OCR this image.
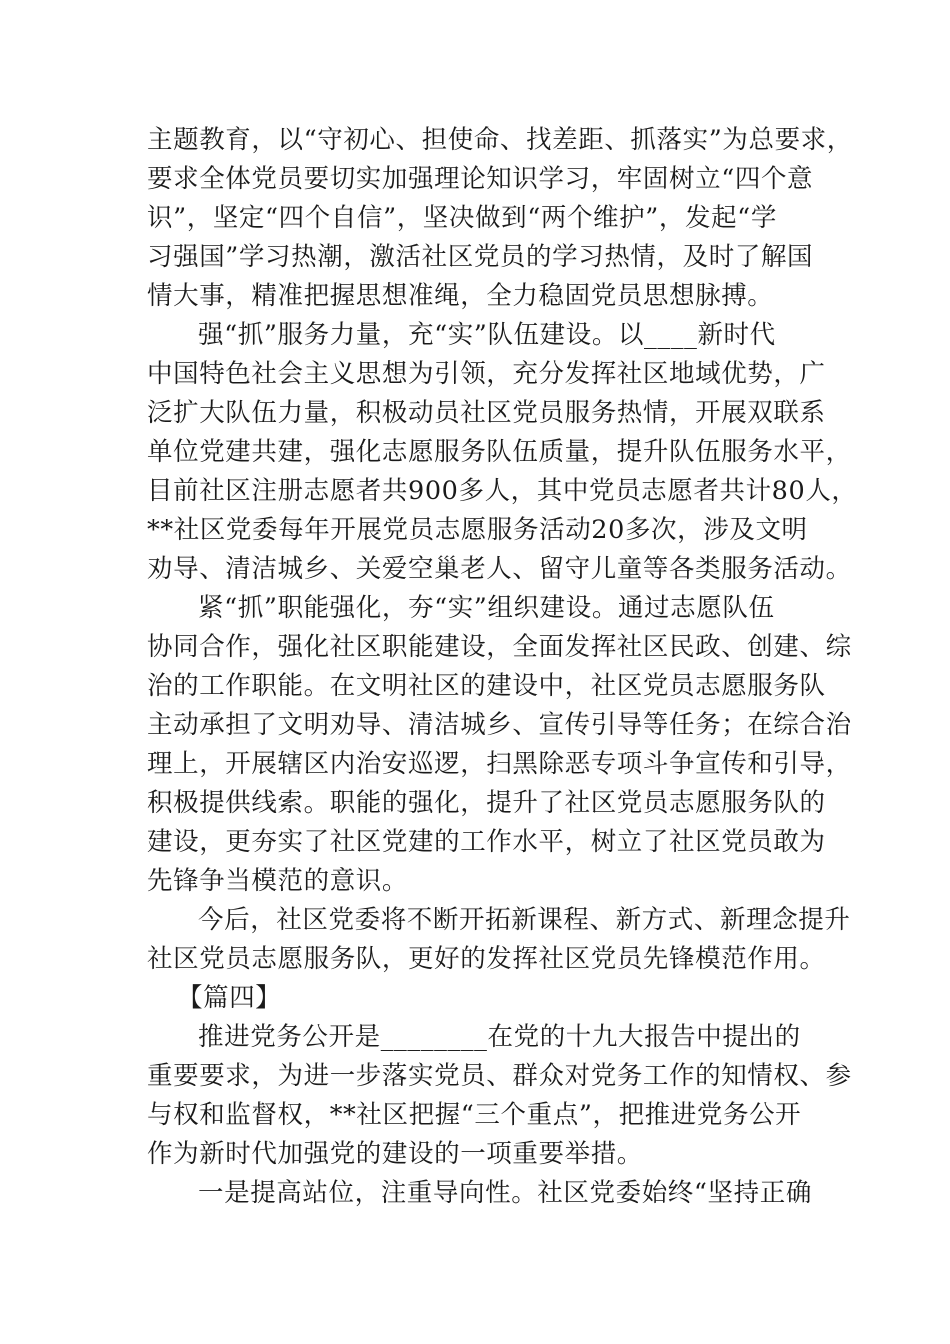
主题教育，以“守初心、担使命、找差距、抓落实”为总要求，
要求全体党员要切实加强理论知识学习，牢固树立“四个意
识”，坚定“四个自信”，坚决做到“两个维护”，发起“学
习强国”学习热潮，激活社区党员的学习热情，及时了解国
情大事，精准把握思想准绳，全力稳固党员思想脉搏。
强“抓”服务力量，充“实”队伍建设。以____新时代
中国特色社会主义思想为引领，充分发挥社区地域优势，广
泛扩大队伍力量，积极动员社区党员服务热情，开展双联系
单位党建共建，强化志愿服务队伍质量，提升队伍服务水平，
目前社区注册志愿者共900多人，其中党员志愿者共计80人，
**社区党委每年开展党员志愿服务活动20多次，涉及文明
劝导、清洁城乡、关爱空巢老人、留守儿童等各类服务活动。
紧“抓”职能强化，夯“实”组织建设。通过志愿队伍
协同合作，强化社区职能建设，全面发挥社区民政、创建、综
治的工作职能。在文明社区的建设中，社区党员志愿服务队
主动承担了文明劝导、清洁城乡、宣传引导等任务；在综合治
理上，开展辖区内治安巡逻，扫黑除恶专项斗争宣传和引导，
积极提供线索。职能的强化，提升了社区党员志愿服务队的
建设，更夯实了社区党建的工作水平，树立了社区党员敢为
先锋争当模范的意识。
今后，社区党委将不断开拓新课程、新方式、新理念提升
社区党员志愿服务队，更好的发挥社区党员先锋模范作用。
【篇四】
推进党务公开是________在党的十九大报告中提出的
重要要求，为进一步落实党员、群众对党务工作的知情权、参
与权和监督权，**社区把握“三个重点”，把推进党务公开
作为新时代加强党的建设的一项重要举措。
一是提高站位，注重导向性。社区党委始终“坚持正确
